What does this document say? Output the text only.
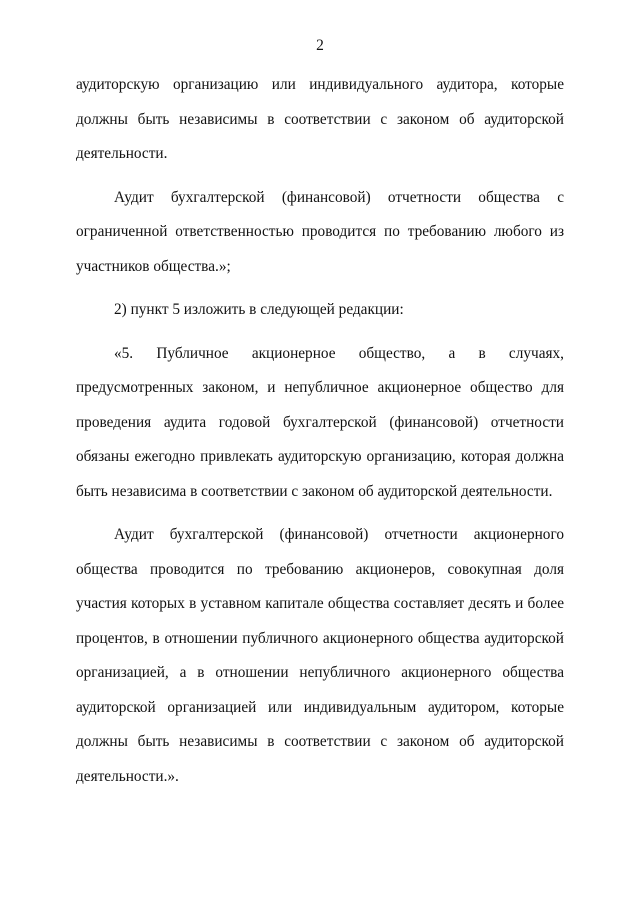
2

аудиторскую организацию или индивидуального аудитора, которые должны быть независимы в соответствии с законом об аудиторской деятельности.

Аудит бухгалтерской (финансовой) отчетности общества с ограниченной ответственностью проводится по требованию любого из участников общества.»;

2) пункт 5 изложить в следующей редакции:

«5. Публичное акционерное общество, а в случаях, предусмотренных законом, и непубличное акционерное общество для проведения аудита годовой бухгалтерской (финансовой) отчетности обязаны ежегодно привлекать аудиторскую организацию, которая должна быть независима в соответствии с законом об аудиторской деятельности.

Аудит бухгалтерской (финансовой) отчетности акционерного общества проводится по требованию акционеров, совокупная доля участия которых в уставном капитале общества составляет десять и более процентов, в отношении публичного акционерного общества аудиторской организацией, а в отношении непубличного акционерного общества аудиторской организацией или индивидуальным аудитором, которые должны быть независимы в соответствии с законом об аудиторской деятельности.».
